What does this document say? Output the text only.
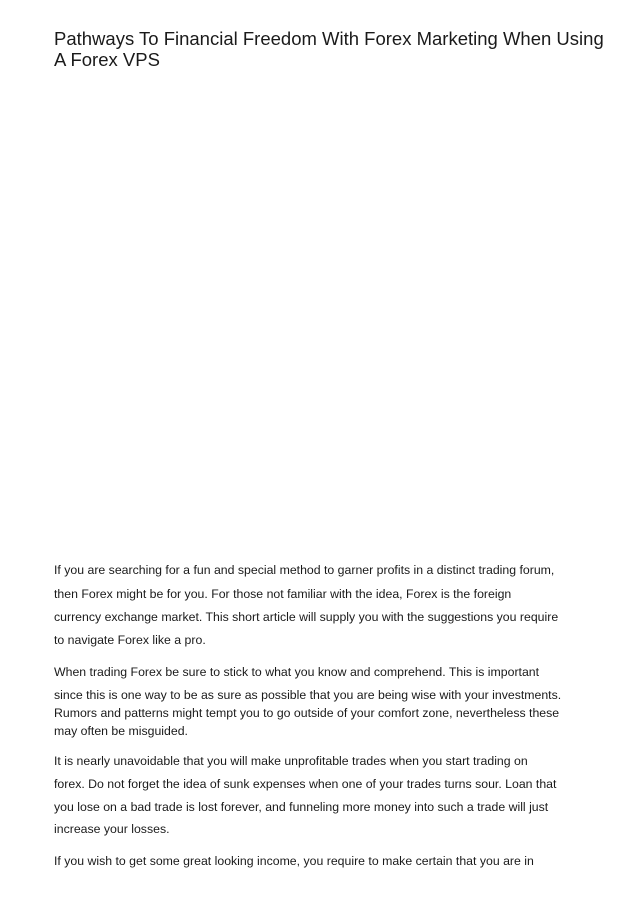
Pathways To Financial Freedom With Forex Marketing When Using A Forex VPS

If you are searching for a fun and special method to garner profits in a distinct trading forum,

then Forex might be for you. For those not familiar with the idea, Forex is the foreign

currency exchange market. This short article will supply you with the suggestions you require

to navigate Forex like a pro.

When trading Forex be sure to stick to what you know and comprehend. This is important

since this is one way to be as sure as possible that you are being wise with your investments.

Rumors and patterns might tempt you to go outside of your comfort zone, nevertheless these

may often be misguided.

It is nearly unavoidable that you will make unprofitable trades when you start trading on

forex. Do not forget the idea of sunk expenses when one of your trades turns sour. Loan that

you lose on a bad trade is lost forever, and funneling more money into such a trade will just

increase your losses.

If you wish to get some great looking income, you require to make certain that you are in
